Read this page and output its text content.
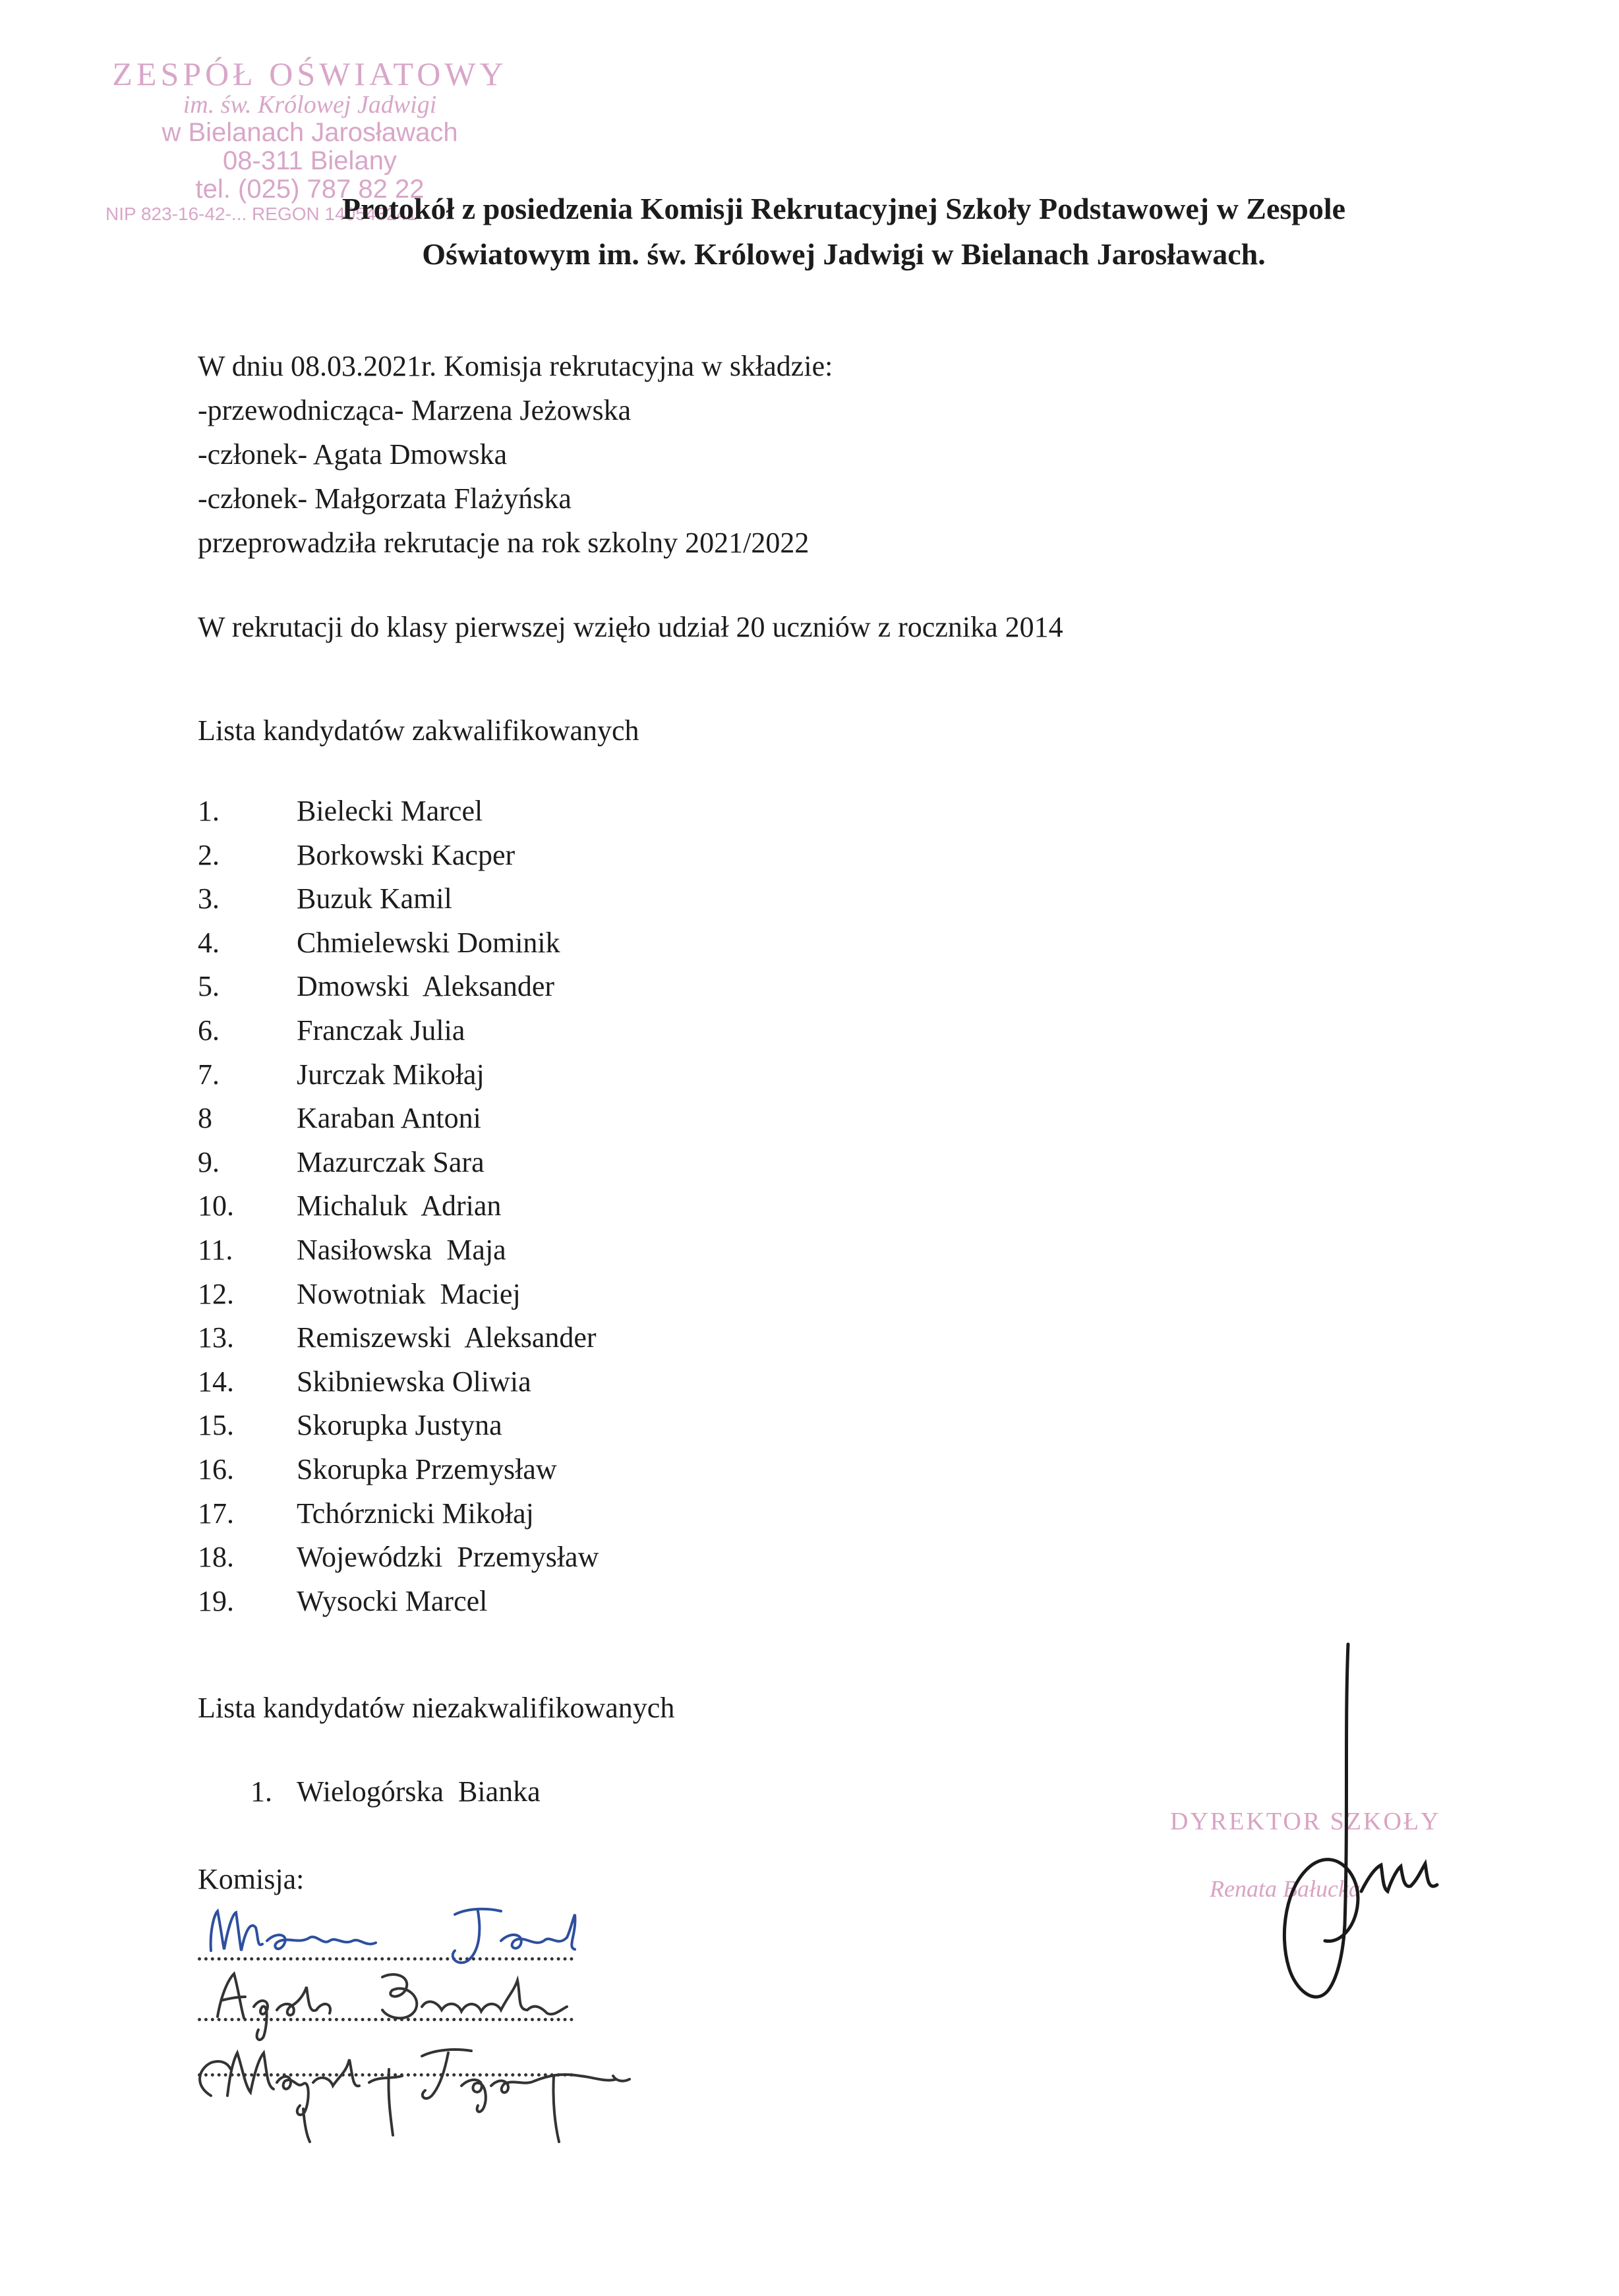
ZESPÓŁ OŚWIATOWY
im. św. Królowej Jadwigi
w Bielanach Jarosławach
08-311 Bielany
tel. (025) 787 82 22
NIP 823-16-42-... REGON 140543241
Protokół z posiedzenia Komisji Rekrutacyjnej Szkoły Podstawowej w Zespole
Oświatowym im. św. Królowej Jadwigi w Bielanach Jarosławach.
W dniu 08.03.2021r. Komisja rekrutacyjna w składzie:
-przewodnicząca- Marzena Jeżowska
-członek- Agata Dmowska
-członek- Małgorzata Flażyńska
przeprowadziła rekrutacje na rok szkolny 2021/2022
W rekrutacji do klasy pierwszej wzięło udział 20 uczniów z rocznika 2014
Lista kandydatów zakwalifikowanych
1.	Bielecki Marcel
2.	Borkowski Kacper
3.	Buzuk Kamil
4.	Chmielewski Dominik
5.	Dmowski  Aleksander
6.	Franczak Julia
7.	Jurczak Mikołaj
8	Karaban Antoni
9.	Mazurczak Sara
10.	Michaluk  Adrian
11.	Nasiłowska  Maja
12.	Nowotniak  Maciej
13.	Remiszewski  Aleksander
14.	Skibniewska Oliwia
15.	Skorupka Justyna
16.	Skorupka Przemysław
17.	Tchórznicki Mikołaj
18.	Wojewódzki  Przemysław
19.	Wysocki Marcel
Lista kandydatów niezakwalifikowanych
1. Wielogórska  Bianka
Komisja:
DYREKTOR SZKOŁY
Renata Bałucka
